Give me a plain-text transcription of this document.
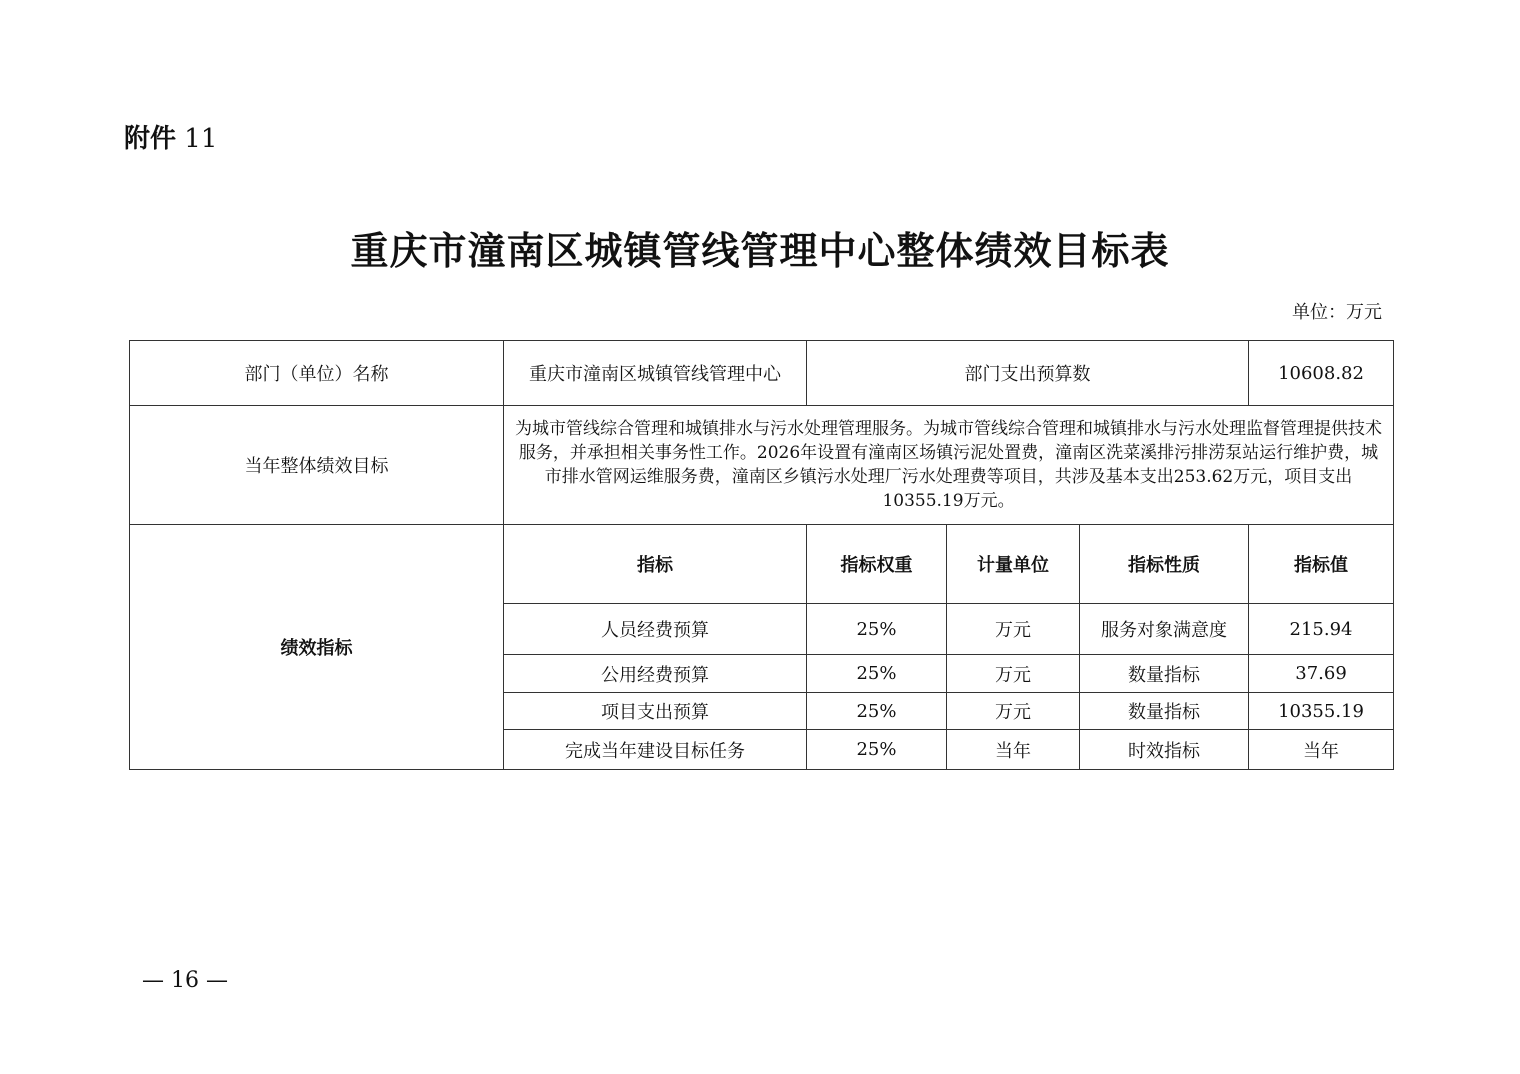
附件 11
重庆市潼南区城镇管线管理中心整体绩效目标表
单位：万元
部门（单位）名称	重庆市潼南区城镇管线管理中心	部门支出预算数			10608.82
当年整体绩效目标	为城市管线综合管理和城镇排水与污水处理管理服务。为城市管线综合管理和城镇排水与污水处理监督管理提供技术服务，并承担相关事务性工作。2026年设置有潼南区场镇污泥处置费，潼南区洗菜溪排污排涝泵站运行维护费，城市排水管网运维服务费，潼南区乡镇污水处理厂污水处理费等项目，共涉及基本支出253.62万元，项目支出10355.19万元。				
绩效指标	指标	指标权重	计量单位	指标性质	指标值
	人员经费预算	25%	万元	服务对象满意度	215.94
	公用经费预算	25%	万元	数量指标	37.69
	项目支出预算	25%	万元	数量指标	10355.19
	完成当年建设目标任务	25%	当年	时效指标	当年
— 16 —
